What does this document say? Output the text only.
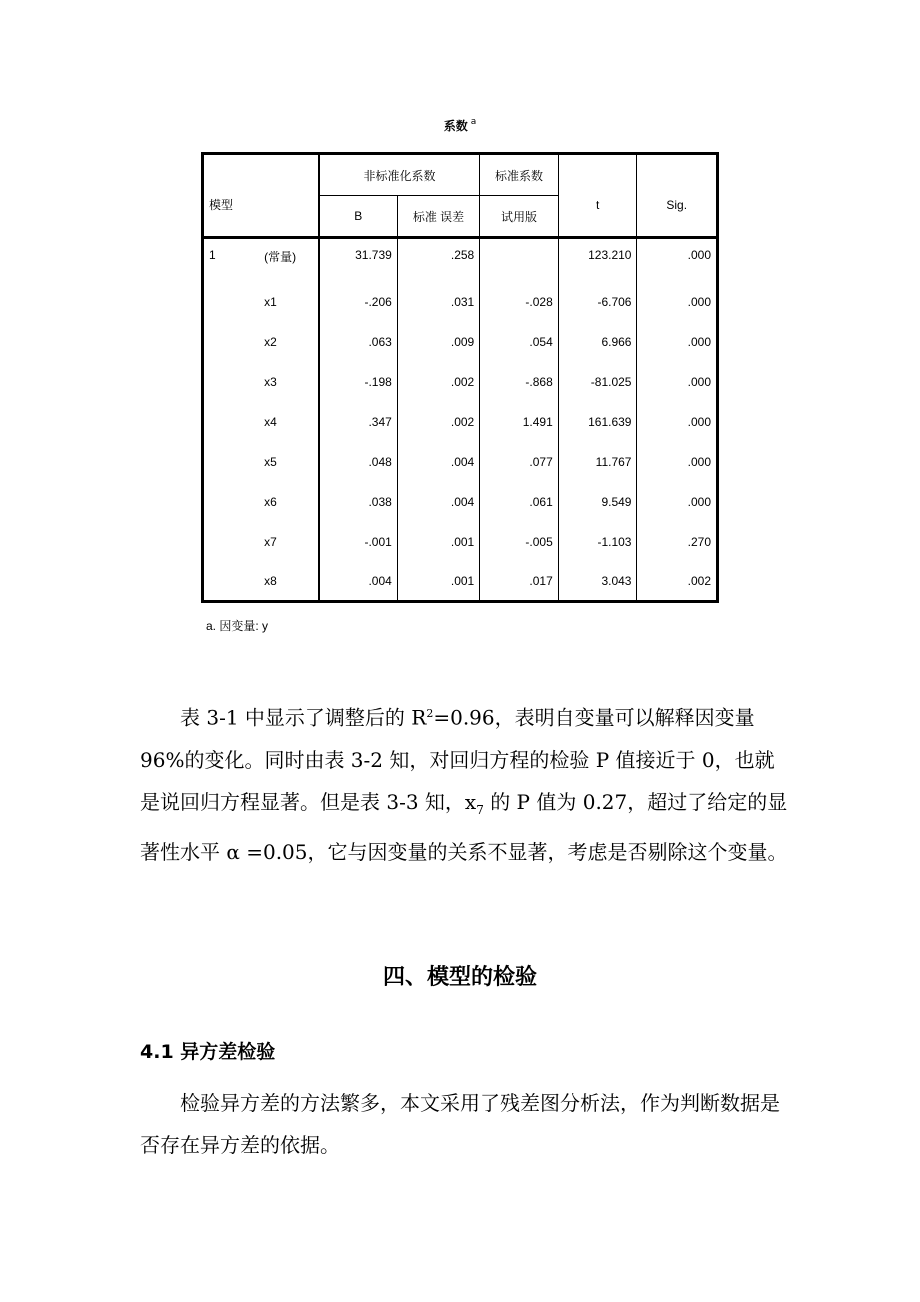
系数 $^a$
模型		非标准化系数		标准系数	t	Sig.
		B	标准 误差	试用版		
1	(常量)	31.739	.258		123.210	.000
	x1	-.206	.031	-.028	-6.706	.000
	x2	.063	.009	.054	6.966	.000
	x3	-.198	.002	-.868	-81.025	.000
	x4	.347	.002	1.491	161.639	.000
	x5	.048	.004	.077	11.767	.000
	x6	.038	.004	.061	9.549	.000
	x7	-.001	.001	-.005	-1.103	.270
	x8	.004	.001	.017	3.043	.002
a. 因变量: y

表 3-1 中显示了调整后的 $R^2=0.96$，表明自变量可以解释因变量 96%的变化。同时由表 3-2 知，对回归方程的检验 P 值接近于 0，也就是说回归方程显著。但是表 3-3 知，$x_7$ 的 P 值为 0.27，超过了给定的显著性水平 α =0.05，它与因变量的关系不显著，考虑是否剔除这个变量。

四、模型的检验
4.1 异方差检验

检验异方差的方法繁多，本文采用了残差图分析法，作为判断数据是否存在异方差的依据。
